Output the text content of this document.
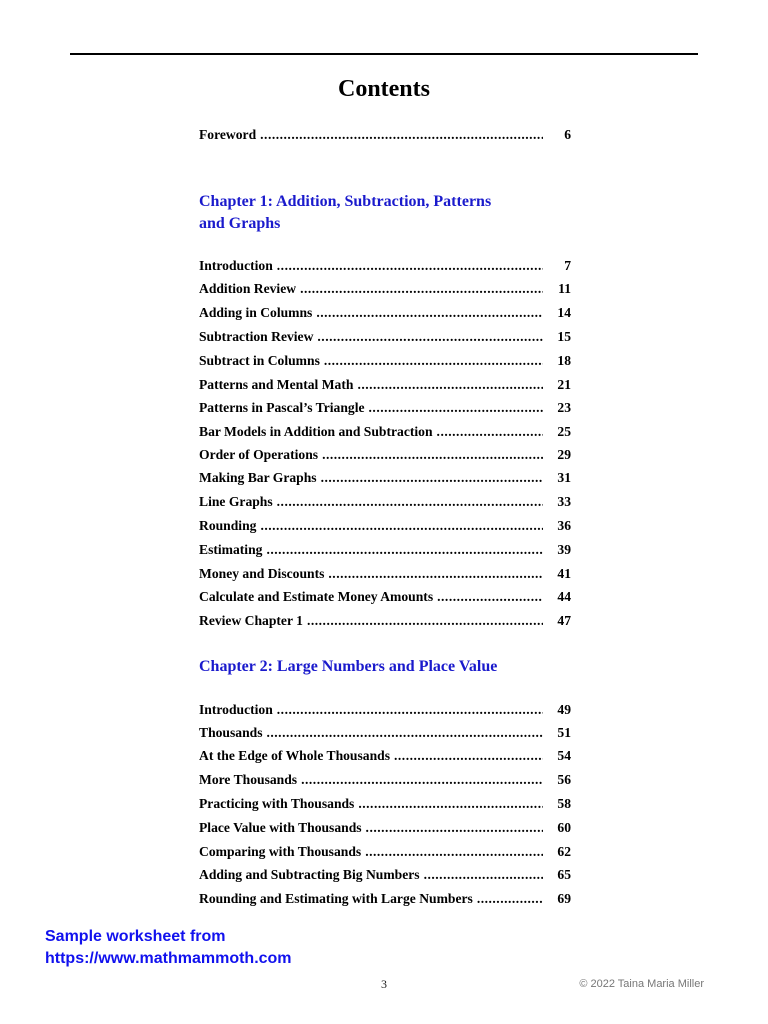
Contents
Foreword .....	6
Chapter 1: Addition, Subtraction, Patterns
and Graphs
Introduction .....	7
Addition Review .....	11
Adding in Columns .....	14
Subtraction Review .....	15
Subtract in Columns .....	18
Patterns and Mental Math .....	21
Patterns in Pascal’s Triangle .....	23
Bar Models in Addition and Subtraction .....	25
Order of Operations .....	29
Making Bar Graphs .....	31
Line Graphs .....	33
Rounding .....	36
Estimating .....	39
Money and Discounts .....	41
Calculate and Estimate Money Amounts .....	44
Review Chapter 1 .....	47
Chapter 2: Large Numbers and Place Value
Introduction .....	49
Thousands .....	51
At the Edge of Whole Thousands .....	54
More Thousands .....	56
Practicing with Thousands .....	58
Place Value with Thousands .....	60
Comparing with Thousands .....	62
Adding and Subtracting Big Numbers .....	65
Rounding and Estimating with Large Numbers .....	69
Sample worksheet from
https://www.mathmammoth.com
3	© 2022 Taina Maria Miller
